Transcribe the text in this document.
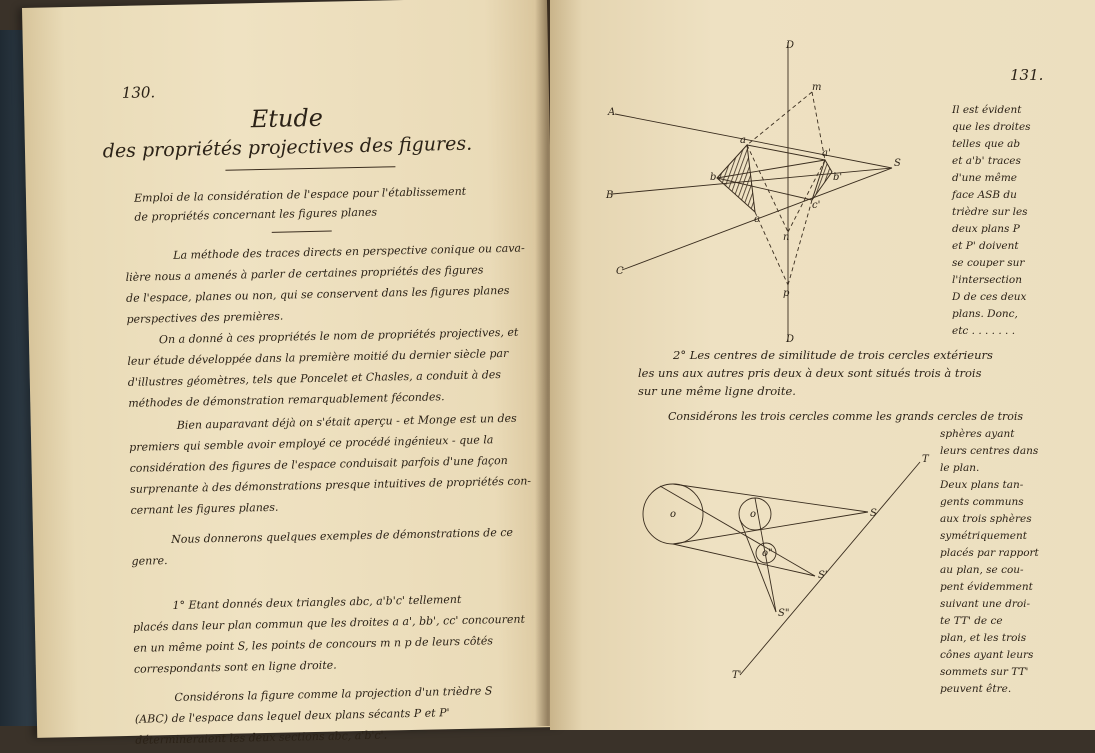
130.
Etude
des propriétés projectives des figures.
Emploi de la considération de l'espace pour l'établissement
de propriétés concernant les figures planes
La méthode des traces directs en perspective conique ou cava-
lière nous a amenés à parler de certaines propriétés des figures
de l'espace, planes ou non, qui se conservent dans les figures planes
perspectives des premières.
On a donné à ces propriétés le nom de propriétés projectives, et
leur étude développée dans la première moitié du dernier siècle par
d'illustres géomètres, tels que Poncelet et Chasles, a conduit à des
méthodes de démonstration remarquablement fécondes.
Bien auparavant déjà on s'était aperçu - et Monge est un des
premiers qui semble avoir employé ce procédé ingénieux - que la
considération des figures de l'espace conduisait parfois d'une façon
surprenante à des démonstrations presque intuitives de propriétés con-
cernant les figures planes.
Nous donnerons quelques exemples de démonstrations de ce
genre.
1° Etant donnés deux triangles abc, a'b'c' tellement
placés dans leur plan commun que les droites a a', bb', cc' concourent
en un même point S, les points de concours m n p de leurs côtés
correspondants sont en ligne droite.
Considérons la figure comme la projection d'un trièdre S
(ABC) de l'espace dans lequel deux plans sécants P et P'
détermineraient les deux sections abc, a'b'c'.
131.
D
D
A
B
C
S
m
n
p
a
b
c
a'
b'
c'
Il est évident
que les droites
telles que ab
et a'b' traces
d'une même
face ASB du
trièdre sur les
deux plans P
et P' doivent
se couper sur
l'intersection
D de ces deux
plans. Donc,
etc . . . . . . .
2° Les centres de similitude de trois cercles extérieurs
les uns aux autres pris deux à deux sont situés trois à trois
sur une même ligne droite.
Considérons les trois cercles comme les grands cercles de trois
sphères ayant
leurs centres dans
le plan.
Deux plans tan-
gents communs
aux trois sphères
symétriquement
placés par rapport
au plan, se cou-
pent évidemment
suivant une droi-
te TT' de ce
plan, et les trois
cônes ayant leurs
sommets sur TT'
peuvent être.
o	o'
o"
T
T'
S
S'
S"
